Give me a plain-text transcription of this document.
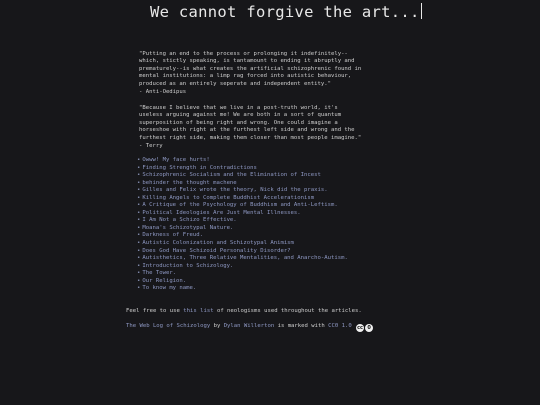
We cannot forgive the art...

"Putting an end to the process or prolonging it indefinitely--
which, stictly speaking, is tantamount to ending it abruptly and
prematurely--is what creates the artificial schizophrenic found in
mental institutions: a limp rag forced into autistic behaviour,
produced as an entirely seperate and independent entity."

- Anti-Oedipus

"Because I believe that we live in a post-truth world, it's
useless arguing against me! We are both in a sort of quantum
superposition of being right and wrong. One could imagine a
horseshoe with right at the furthest left side and wrong and the
furthest right side, making them closer than most people imagine."

- Terry

• Owww! My face hurts!
• Finding Strength in Contradictions
• Schizophrenic Socialism and the Elimination of Incest
• behinder the thought machene
• Gilles and Felix wrote the theory, Nick did the praxis.
• Killing Angels to Complete Buddhist Accelerationism
• A Critique of the Psychology of Buddhism and Anti-Leftism.
• Political Ideologies Are Just Mental Illnesses.
• I Am Not a Schizo Effective.
• Moana's Schizotypal Nature.
• Darkness of Freud.
• Autistic Colonization and Schizotypal Animism
• Does God Have Schizoid Personality Disorder?
• Autisthetics, Three Relative Mentalities, and Anarcho-Autism.
• Introduction to Schizology.
• The Tower.
• Our Religion.
• To know my name.
Feel free to use this list of neologisms used throughout the articles.
The Web Log of Schizology by Dylan Willerton is marked with CC0 1.0 cc 0
